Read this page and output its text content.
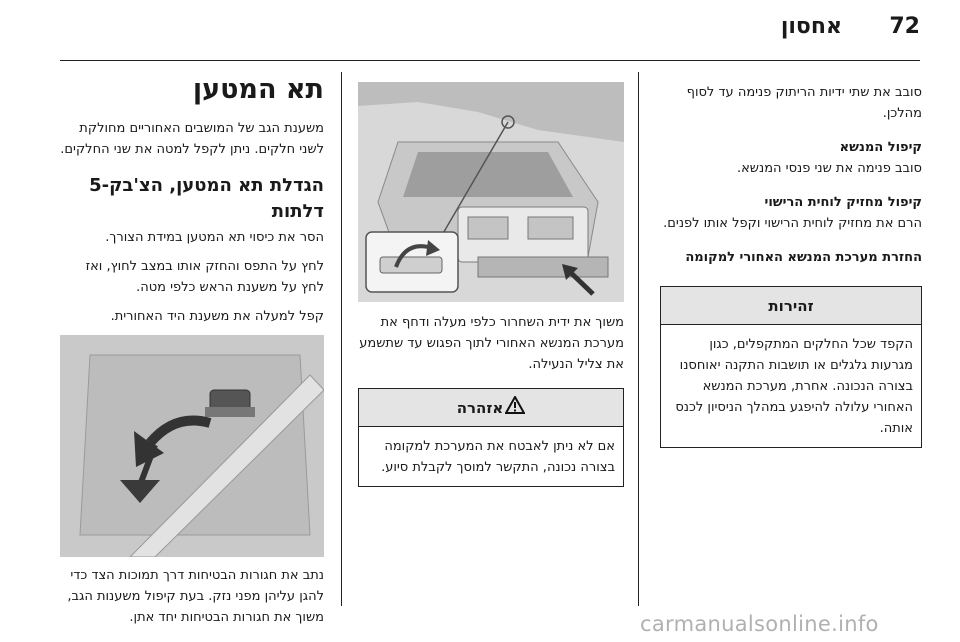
72
אחסון

סובב את שתי ידיות הריתוק פנימה עד לסוף מהלכן.

קיפול המנשא

סובב פנימה את שני פנסי המנשא.

קיפול מחזיק לוחית הרישוי

הרם את מחזיק לוחית הרישוי וקפל אותו לפנים.

החזרת מערכת המנשא האחורי למקומה

זהירות
הקפד שכל החלקים המתקפלים, כגון מגרעות גלגלים או תושבות התקנה יאוחסנו בצורה הנכונה. אחרת, מערכת המנשא האחורי עלולה להיפגע במהלך הניסיון לכנס אותה.

משוך את ידית השחרור כלפי מעלה ודחף את מערכת המנשא האחורי לתוך הפגוש עד שתשמע את צליל הנעילה.

אזהרה
אם לא ניתן לאבטח את המערכת למקומה בצורה נכונה, התקשר למוסך לקבלת סיוע.
תא המטען

משענת הגב של המושבים האחוריים מחולקת לשני חלקים. ניתן לקפל למטה את שני החלקים.

הגדלת תא המטען, הצ'בק-5 דלתות

הסר את כיסוי תא המטען במידת הצורך.

לחץ על התפס והחזק אותו במצב לחוץ, ואז לחץ על משענת הראש כלפי מטה.

קפל למעלה את משענת היד האחורית.

נתב את חגורות הבטיחות דרך תמוכות הצד כדי להגן עליהן מפני נזק. בעת קיפול משענות הגב, משוך את חגורות הבטיחות יחד אתן.	carmanualsonline.info
